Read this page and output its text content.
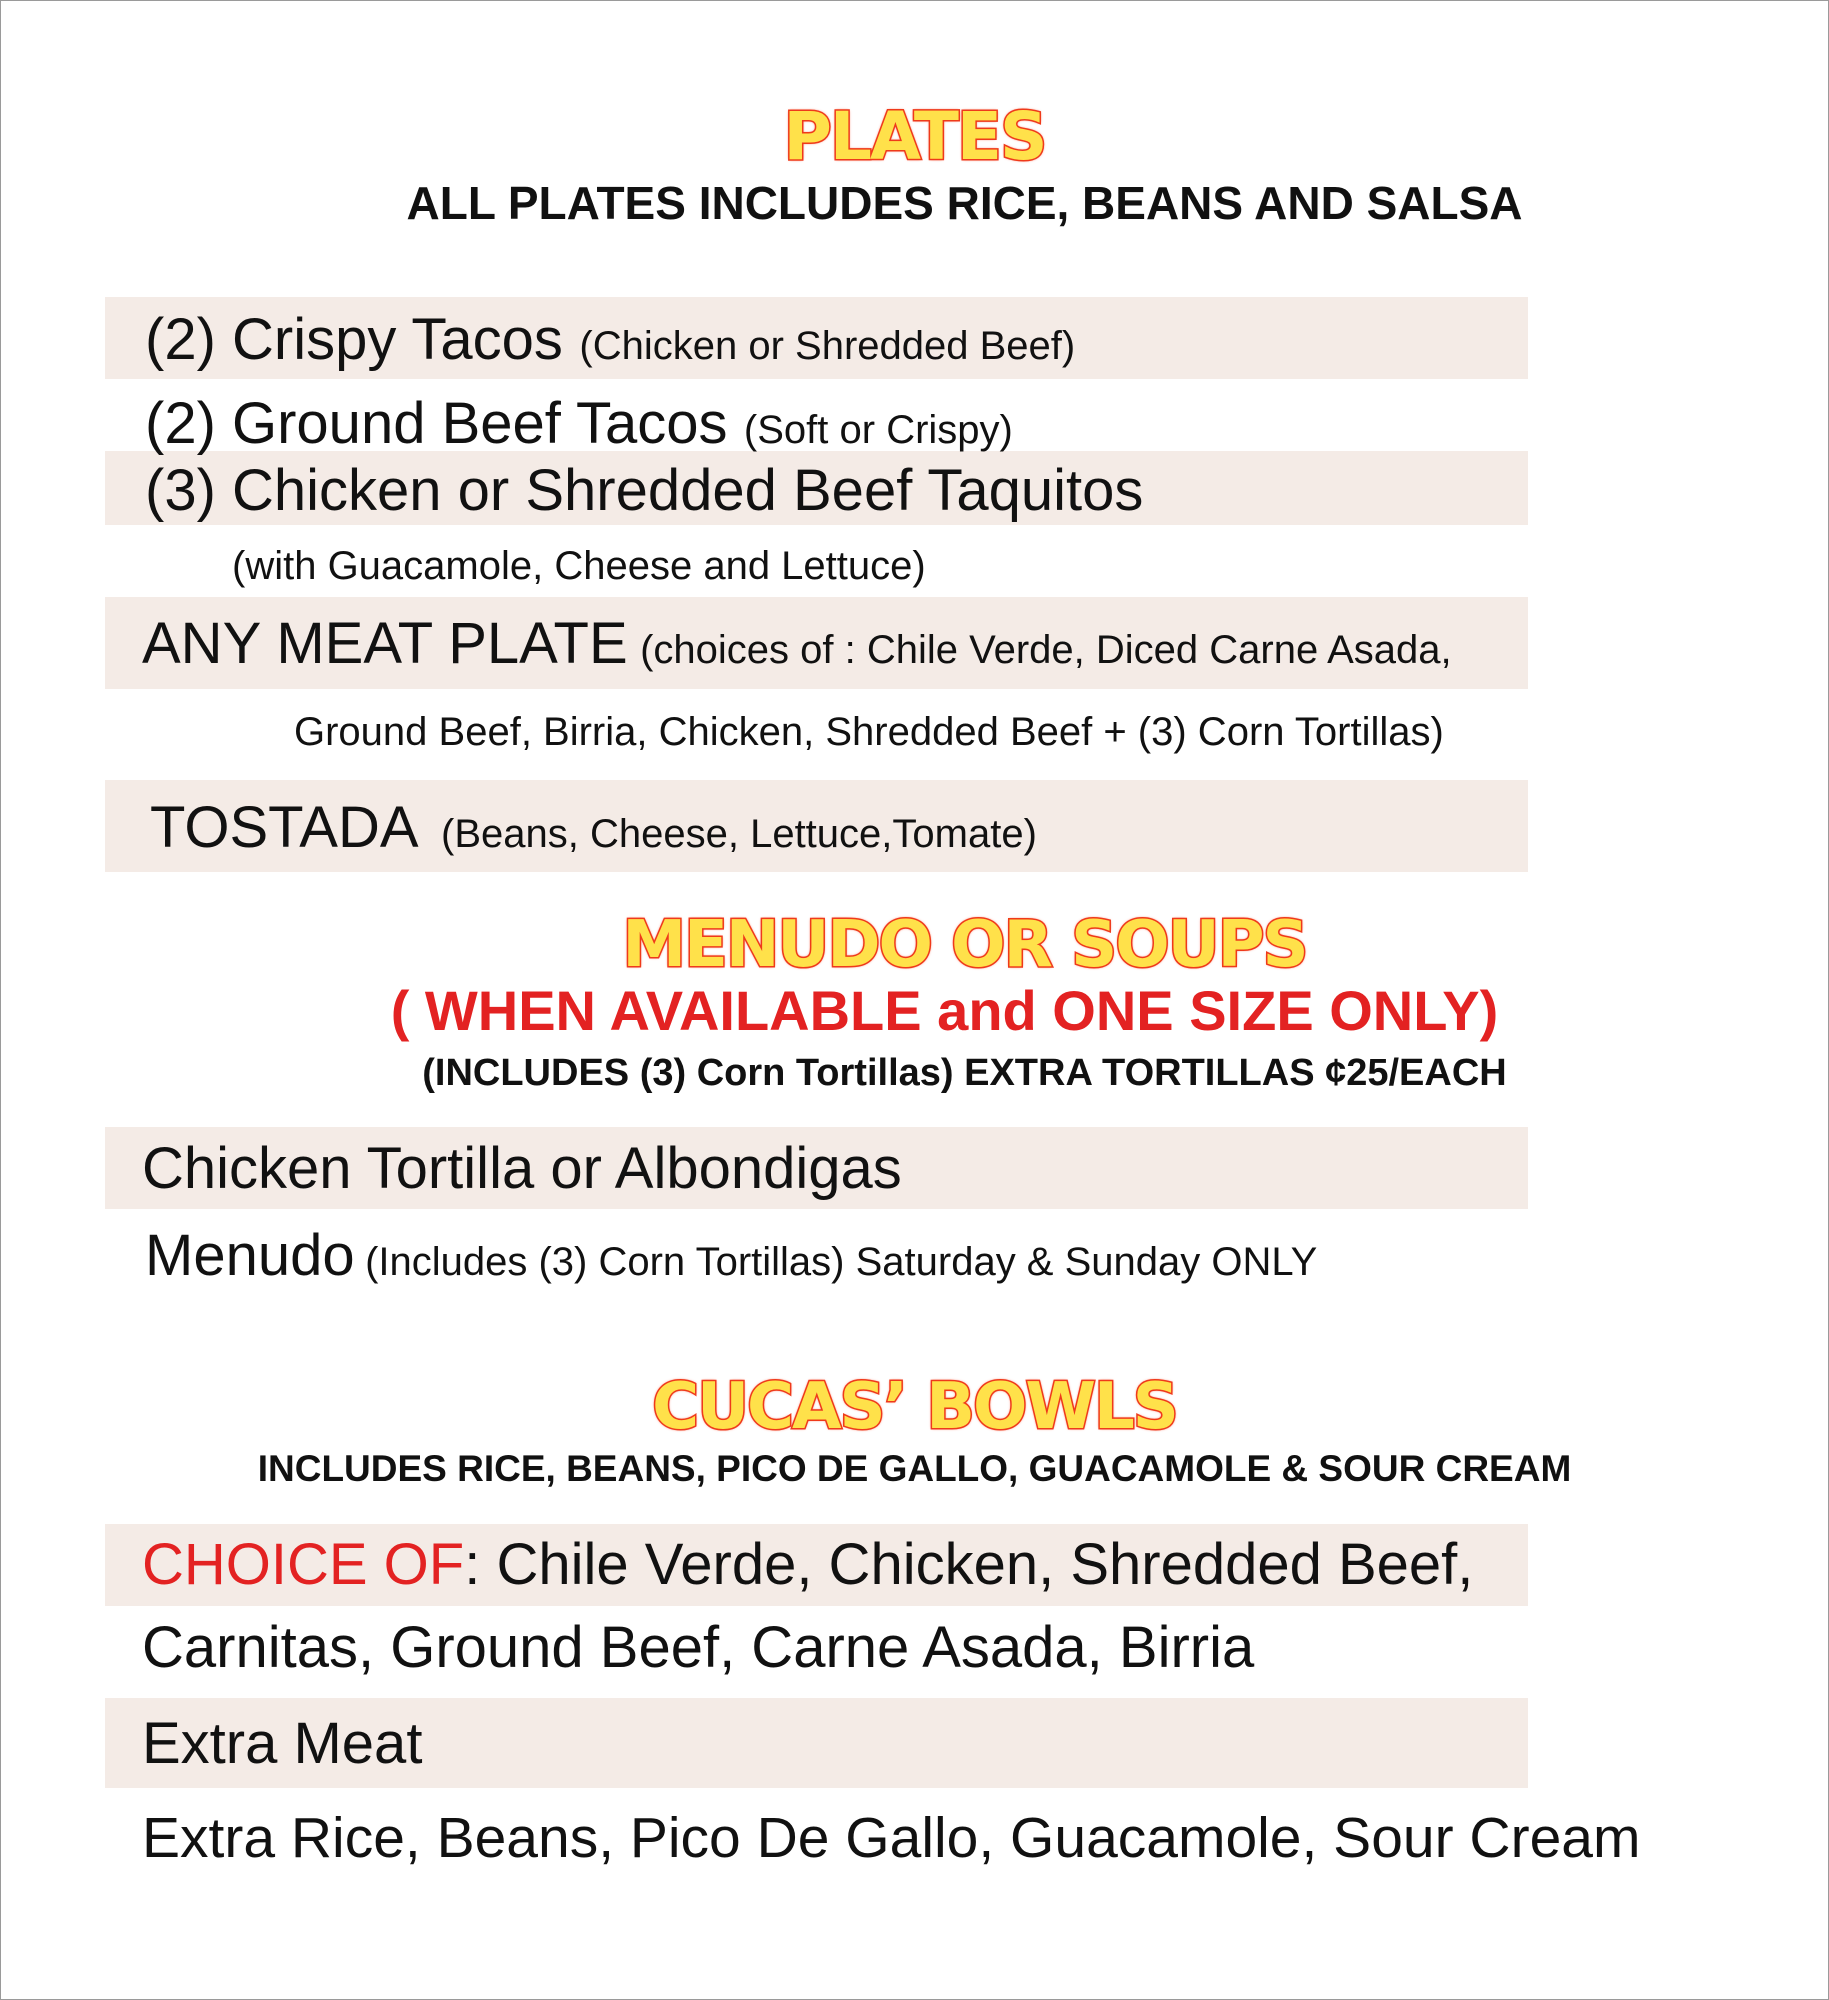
PLATES
ALL PLATES INCLUDES RICE, BEANS AND SALSA
(2) Crispy Tacos (Chicken or Shredded Beef)
(2) Ground Beef Tacos (Soft or Crispy)
(3) Chicken or Shredded Beef Taquitos
(with Guacamole, Cheese and Lettuce)
ANY MEAT PLATE (choices of : Chile Verde, Diced Carne Asada,
Ground Beef, Birria, Chicken, Shredded Beef + (3) Corn Tortillas)
TOSTADA (Beans, Cheese, Lettuce,Tomate)
MENUDO OR SOUPS
( WHEN AVAILABLE and ONE SIZE ONLY)
(INCLUDES (3) Corn Tortillas) EXTRA TORTILLAS ¢25/EACH
Chicken Tortilla or Albondigas
Menudo (Includes (3) Corn Tortillas) Saturday & Sunday ONLY
CUCAS’ BOWLS
INCLUDES RICE, BEANS, PICO DE GALLO, GUACAMOLE & SOUR CREAM
CHOICE OF: Chile Verde, Chicken, Shredded Beef,
Carnitas, Ground Beef, Carne Asada, Birria
Extra Meat
Extra Rice, Beans, Pico De Gallo, Guacamole, Sour Cream
